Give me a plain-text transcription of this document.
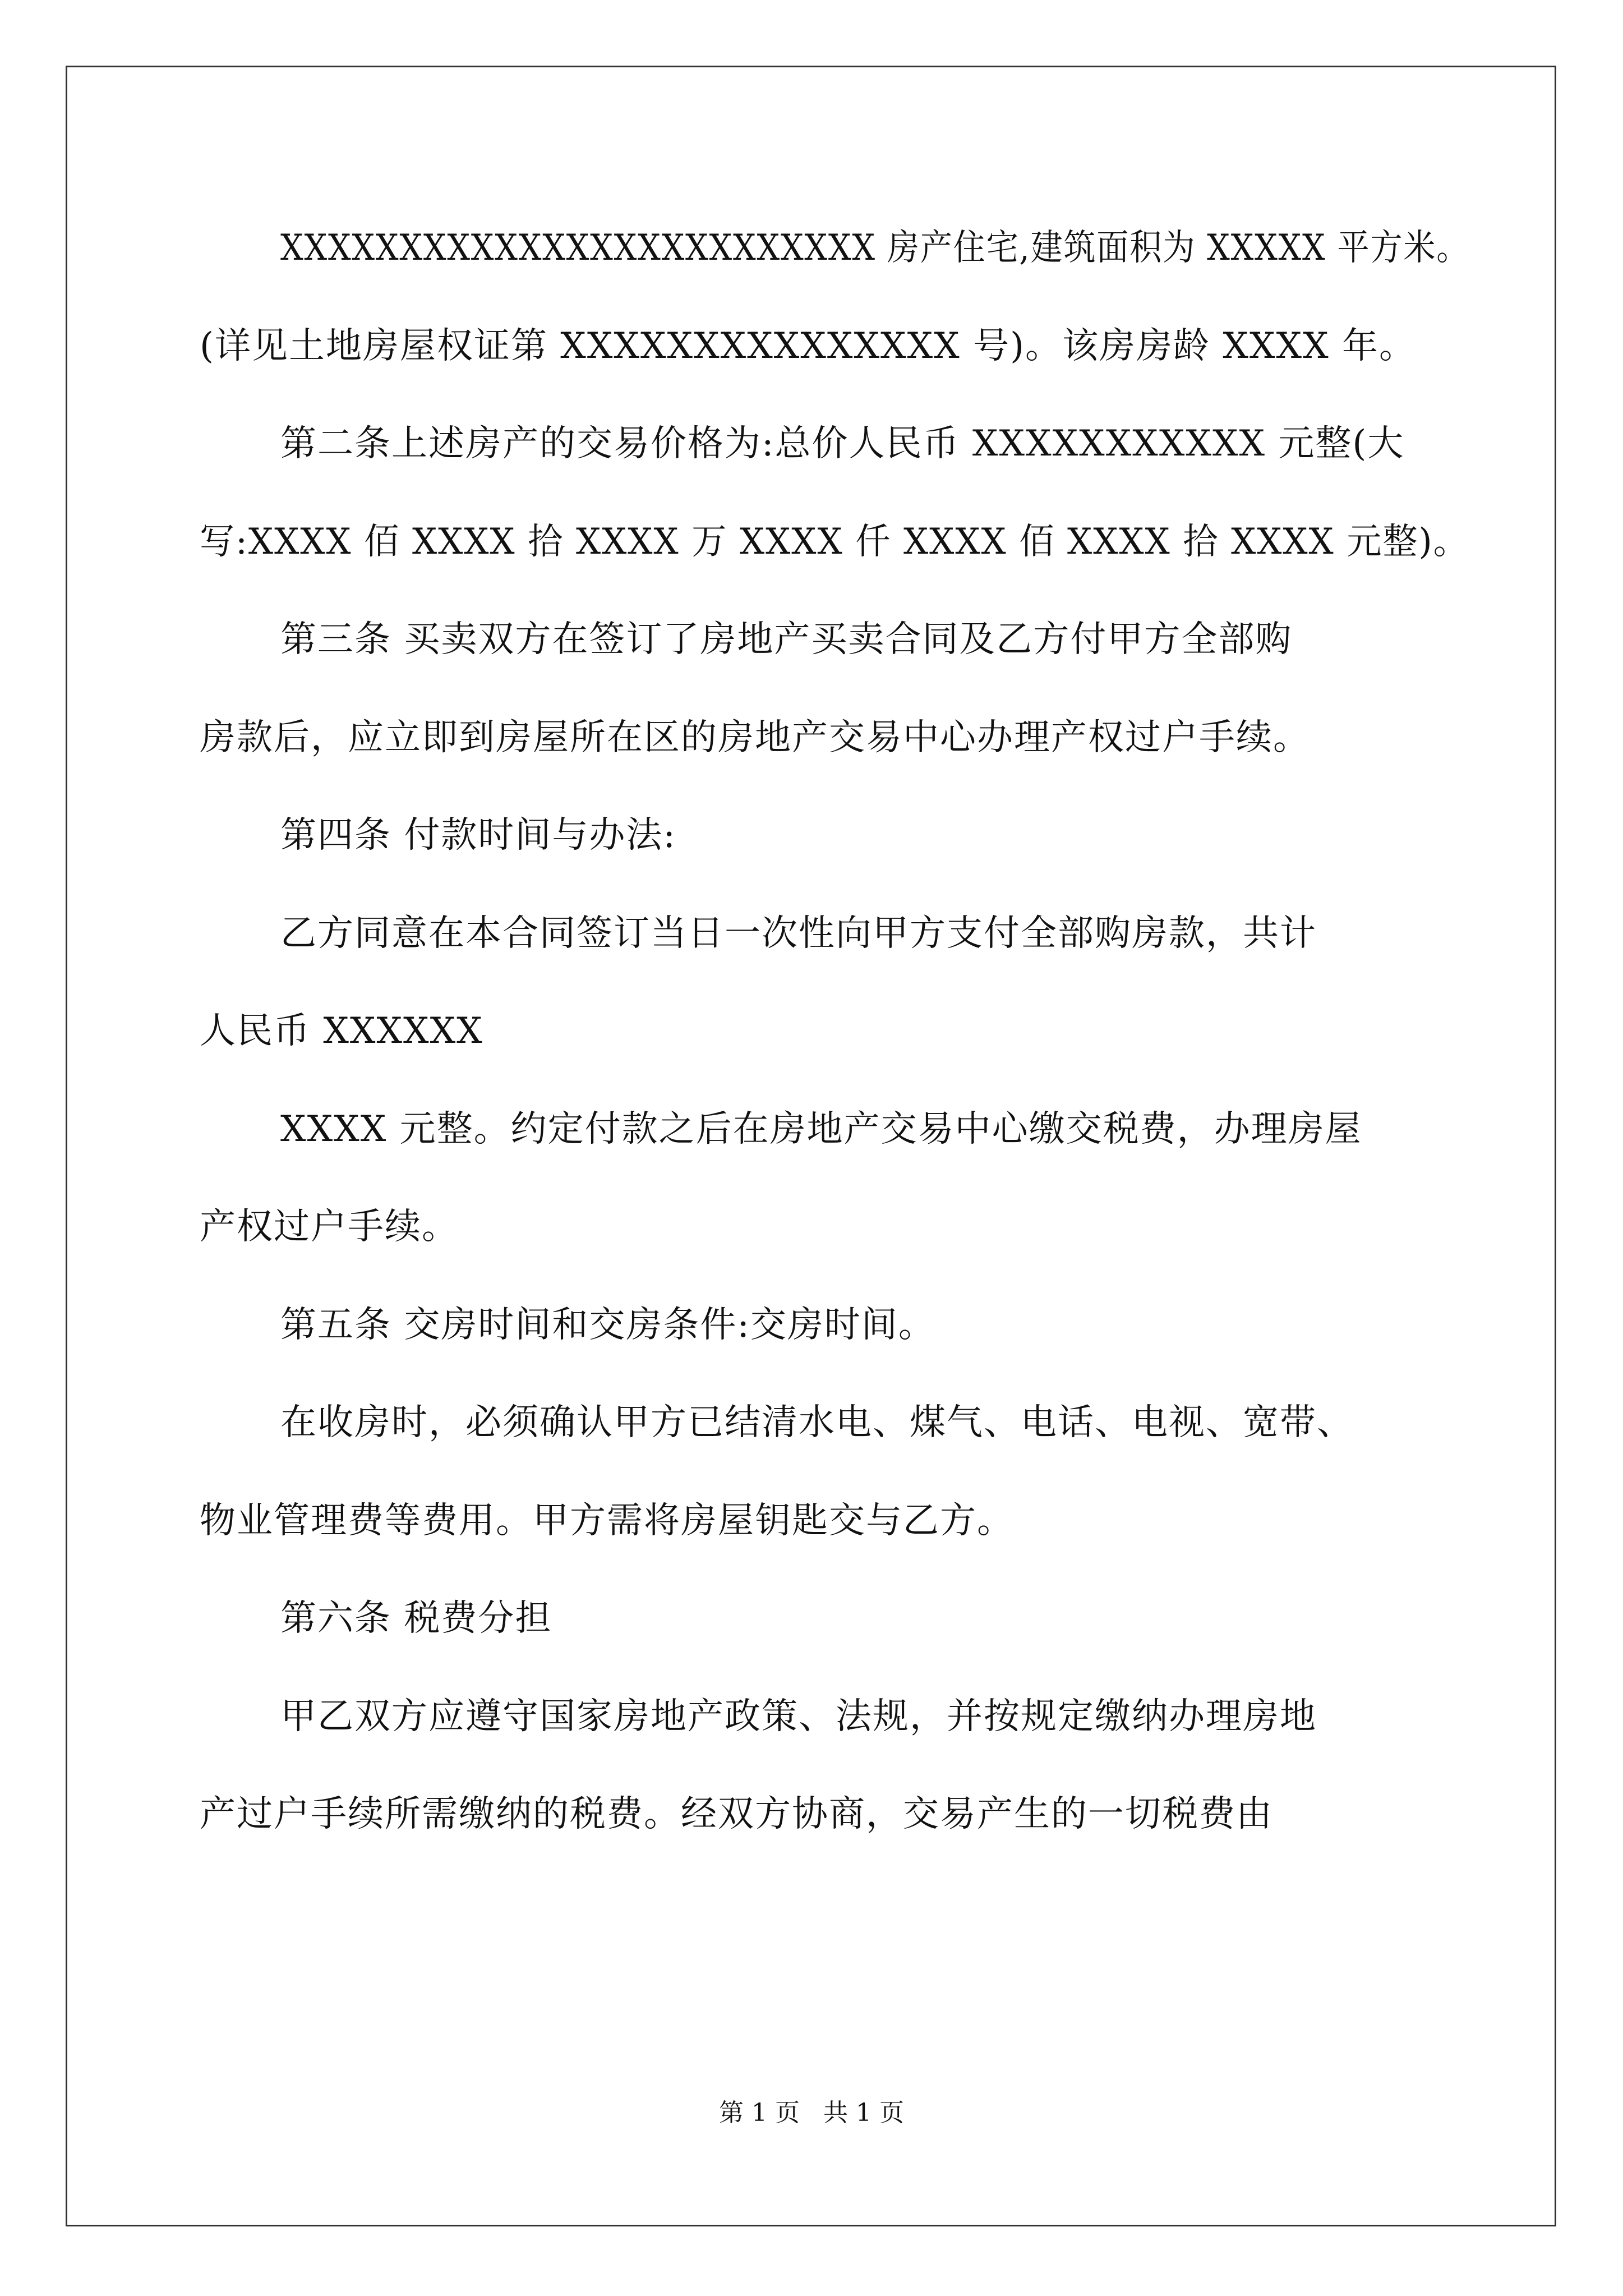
XXXXXXXXXXXXXXXXXXXXXXXXX 房产住宅,建筑面积为 XXXXX 平方米。
(详见土地房屋权证第 XXXXXXXXXXXXXXX 号)。该房房龄 XXXX 年。
第二条上述房产的交易价格为:总价人民币 XXXXXXXXXXX 元整(大
写:XXXX 佰 XXXX 拾 XXXX 万 XXXX 仟 XXXX 佰 XXXX 拾 XXXX 元整)。
第三条 买卖双方在签订了房地产买卖合同及乙方付甲方全部购
房款后，应立即到房屋所在区的房地产交易中心办理产权过户手续。
第四条 付款时间与办法:
乙方同意在本合同签订当日一次性向甲方支付全部购房款，共计
人民币 XXXXXX
XXXX 元整。约定付款之后在房地产交易中心缴交税费，办理房屋
产权过户手续。
第五条 交房时间和交房条件:交房时间。
在收房时，必须确认甲方已结清水电、煤气、电话、电视、宽带、
物业管理费等费用。甲方需将房屋钥匙交与乙方。
第六条 税费分担
甲乙双方应遵守国家房地产政策、法规，并按规定缴纳办理房地
产过户手续所需缴纳的税费。经双方协商，交易产生的一切税费由
第 1 页   共 1 页
